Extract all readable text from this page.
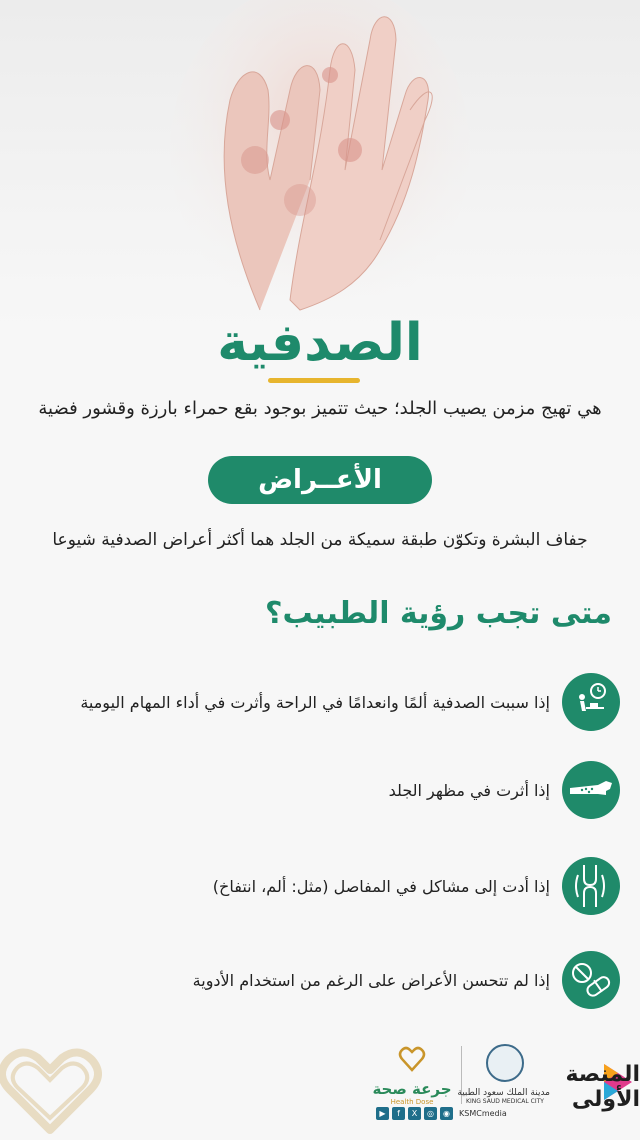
الصدفية
هي تهيج مزمن يصيب الجلد؛ حيث تتميز بوجود بقع حمراء بارزة وقشور فضية
الأعــراض
جفاف البشرة وتكوّن طبقة سميكة من الجلد هما أكثر أعراض الصدفية شيوعا
متى تجب رؤية الطبيب؟
إذا سببت الصدفية ألمًا وانعدامًا في الراحة وأثرت في أداء المهام اليومية
إذا أثرت في مظهر الجلد
إذا أدت إلى مشاكل في المفاصل (مثل: ألم، انتفاخ)
إذا لم تتحسن الأعراض على الرغم من استخدام الأدوية
جرعة صحة
Health Dose
مدينة الملك سعود الطبية
KING SAUD MEDICAL CITY
KSMCmedia
◉
◎
X
f
▶
المنصة الأولى
